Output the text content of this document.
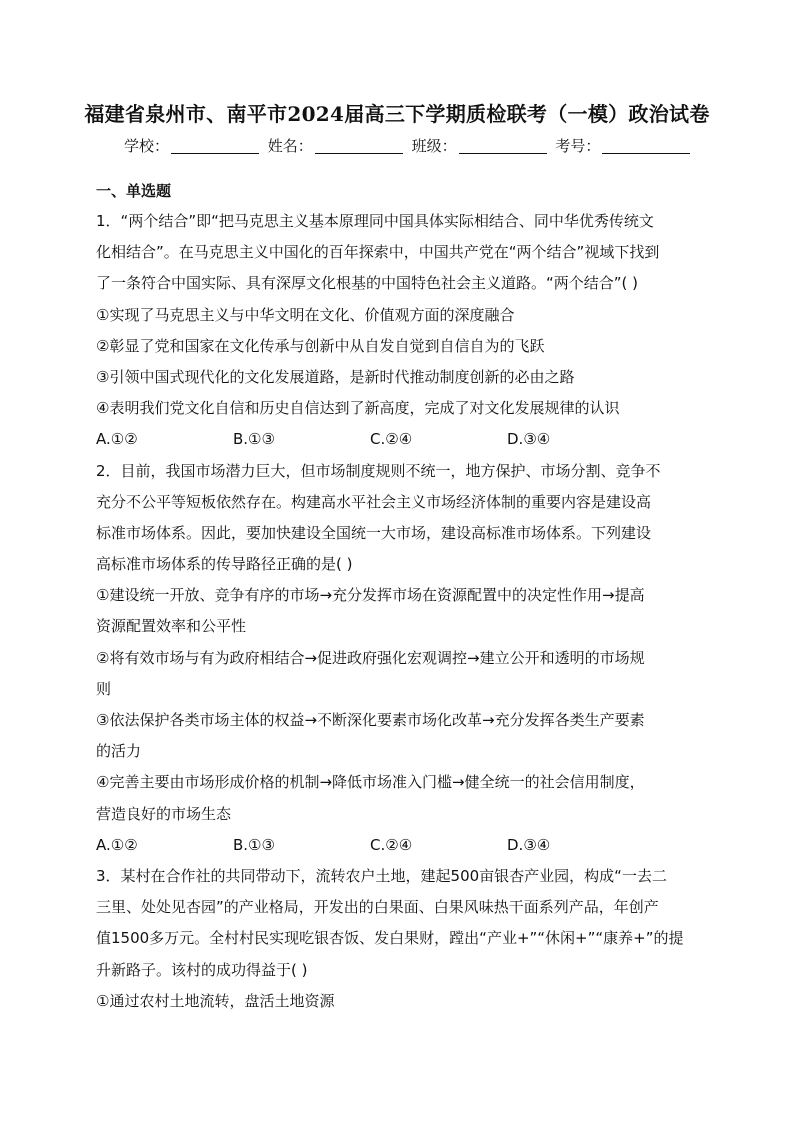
福建省泉州市、南平市2024届高三下学期质检联考（一模）政治试卷
学校：	姓名：	班级：	考号：
一、单选题
1．“两个结合”即“把马克思主义基本原理同中国具体实际相结合、同中华优秀传统文
化相结合”。在马克思主义中国化的百年探索中，中国共产党在“两个结合”视域下找到
了一条符合中国实际、具有深厚文化根基的中国特色社会主义道路。“两个结合”( )
①实现了马克思主义与中华文明在文化、价值观方面的深度融合
②彰显了党和国家在文化传承与创新中从自发自觉到自信自为的飞跃
③引领中国式现代化的文化发展道路，是新时代推动制度创新的必由之路
④表明我们党文化自信和历史自信达到了新高度，完成了对文化发展规律的认识
A.①②	B.①③	C.②④	D.③④
2．目前，我国市场潜力巨大，但市场制度规则不统一，地方保护、市场分割、竞争不
充分不公平等短板依然存在。构建高水平社会主义市场经济体制的重要内容是建设高
标准市场体系。因此，要加快建设全国统一大市场，建设高标准市场体系。下列建设
高标准市场体系的传导路径正确的是( )
①建设统一开放、竞争有序的市场→充分发挥市场在资源配置中的决定性作用→提高
资源配置效率和公平性
②将有效市场与有为政府相结合→促进政府强化宏观调控→建立公开和透明的市场规
则
③依法保护各类市场主体的权益→不断深化要素市场化改革→充分发挥各类生产要素
的活力
④完善主要由市场形成价格的机制→降低市场准入门槛→健全统一的社会信用制度，
营造良好的市场生态
A.①②	B.①③	C.②④	D.③④
3．某村在合作社的共同带动下，流转农户土地，建起500亩银杏产业园，构成“一去二
三里、处处见杏园”的产业格局，开发出的白果面、白果风味热干面系列产品，年创产
值1500多万元。全村村民实现吃银杏饭、发白果财，蹚出“产业+”“休闲+”“康养+”的提
升新路子。该村的成功得益于( )
①通过农村土地流转，盘活土地资源
